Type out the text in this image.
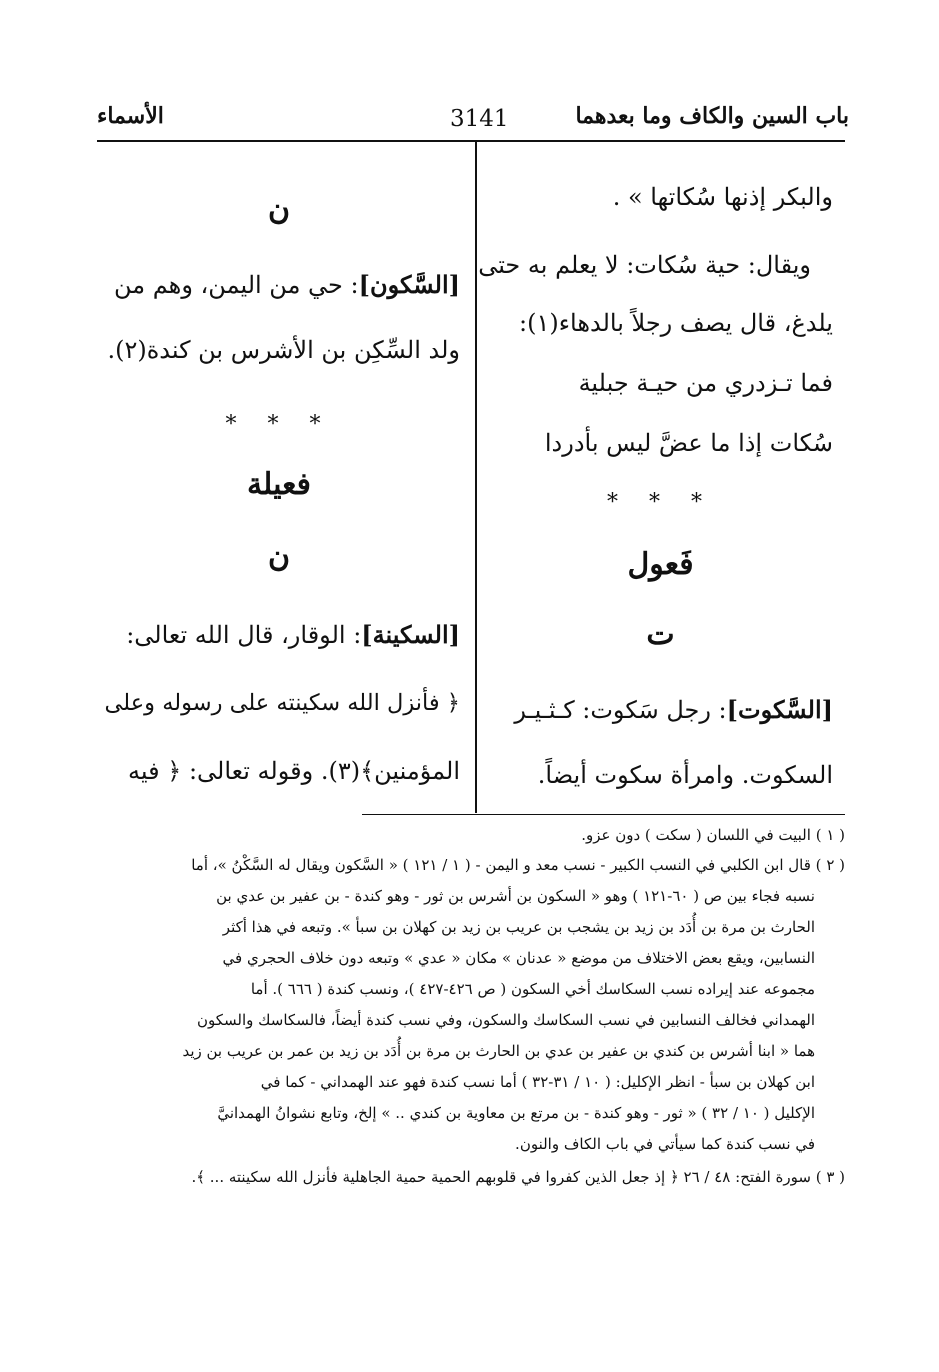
باب السين والكاف وما بعدهما
3141
الأسماء
والبكر إذنها سُكاتها » .
ويقال: حية سُكات: لا يعلم به حتى
يلدغ، قال يصف رجلاً بالدهاء(١):
فما تـزدري من حيـة جبلية
سُكات إذا ما عضَّ ليس بأدردا
* * *
فَعول
ت
[السَّكوت]: رجل سَكوت: كـثـيـر
السكوت. وامرأة سكوت أيضاً.
ن
[السَّكون]: حي من اليمن، وهم من
ولد السِّكِن بن الأشرس بن كندة(٢).
* * *
فعيلة
ن
[السكينة]: الوقار، قال الله تعالى:
﴿ فأنزل الله سكينته على رسوله وعلى
المؤمنين﴾(٣). وقوله تعالى: ﴿ فيه
( ١ ) البيت في اللسان ( سكت ) دون عزو.
( ٢ ) قال ابن الكلبي في النسب الكبير - نسب معد و اليمن - ( ١ / ١٢١ ) « السَّكون ويقال له السَّكْنُ »، أما
نسبه فجاء بين ص ( ٦٠-١٢١ ) وهو « السكون بن أشرس بن ثور - وهو كندة - بن عفير بن عدي بن
الحارث بن مرة بن أُدَد بن زيد بن يشجب بن عريب بن زيد بن كهلان بن سبأ ». وتبعه في هذا أكثر
النسابين، ويقع بعض الاختلاف من موضع « عدنان » مكان « عدي » وتبعه دون خلاف الحجري في
مجموعه عند إيراده نسب السكاسك أخي السكون ( ص ٤٢٦-٤٢٧ )، ونسب كندة ( ٦٦٦ ). أما
الهمداني فخالف النسابين في نسب السكاسك والسكون، وفي نسب كندة أيضاً، فالسكاسك والسكون
هما « ابنا أشرس بن كندي بن عفير بن عدي بن الحارث بن مرة بن أُدَد بن زيد بن عمر بن عريب بن زيد
ابن كهلان بن سبأ - انظر الإكليل: ( ١٠ / ٣١-٣٢ ) أما نسب كندة فهو عند الهمداني - كما في
الإكليل ( ١٠ / ٣٢ ) « ثور - وهو كندة - بن مرتع بن معاوية بن كندي .. » إلخ، وتابع نشوانُ الهمدانيَّ
في نسب كندة كما سيأتي في باب الكاف والنون.
( ٣ ) سورة الفتح: ٤٨ / ٢٦ ﴿ إذ جعل الذين كفروا في قلوبهم الحمية حمية الجاهلية فأنزل الله سكينته ... ﴾.
